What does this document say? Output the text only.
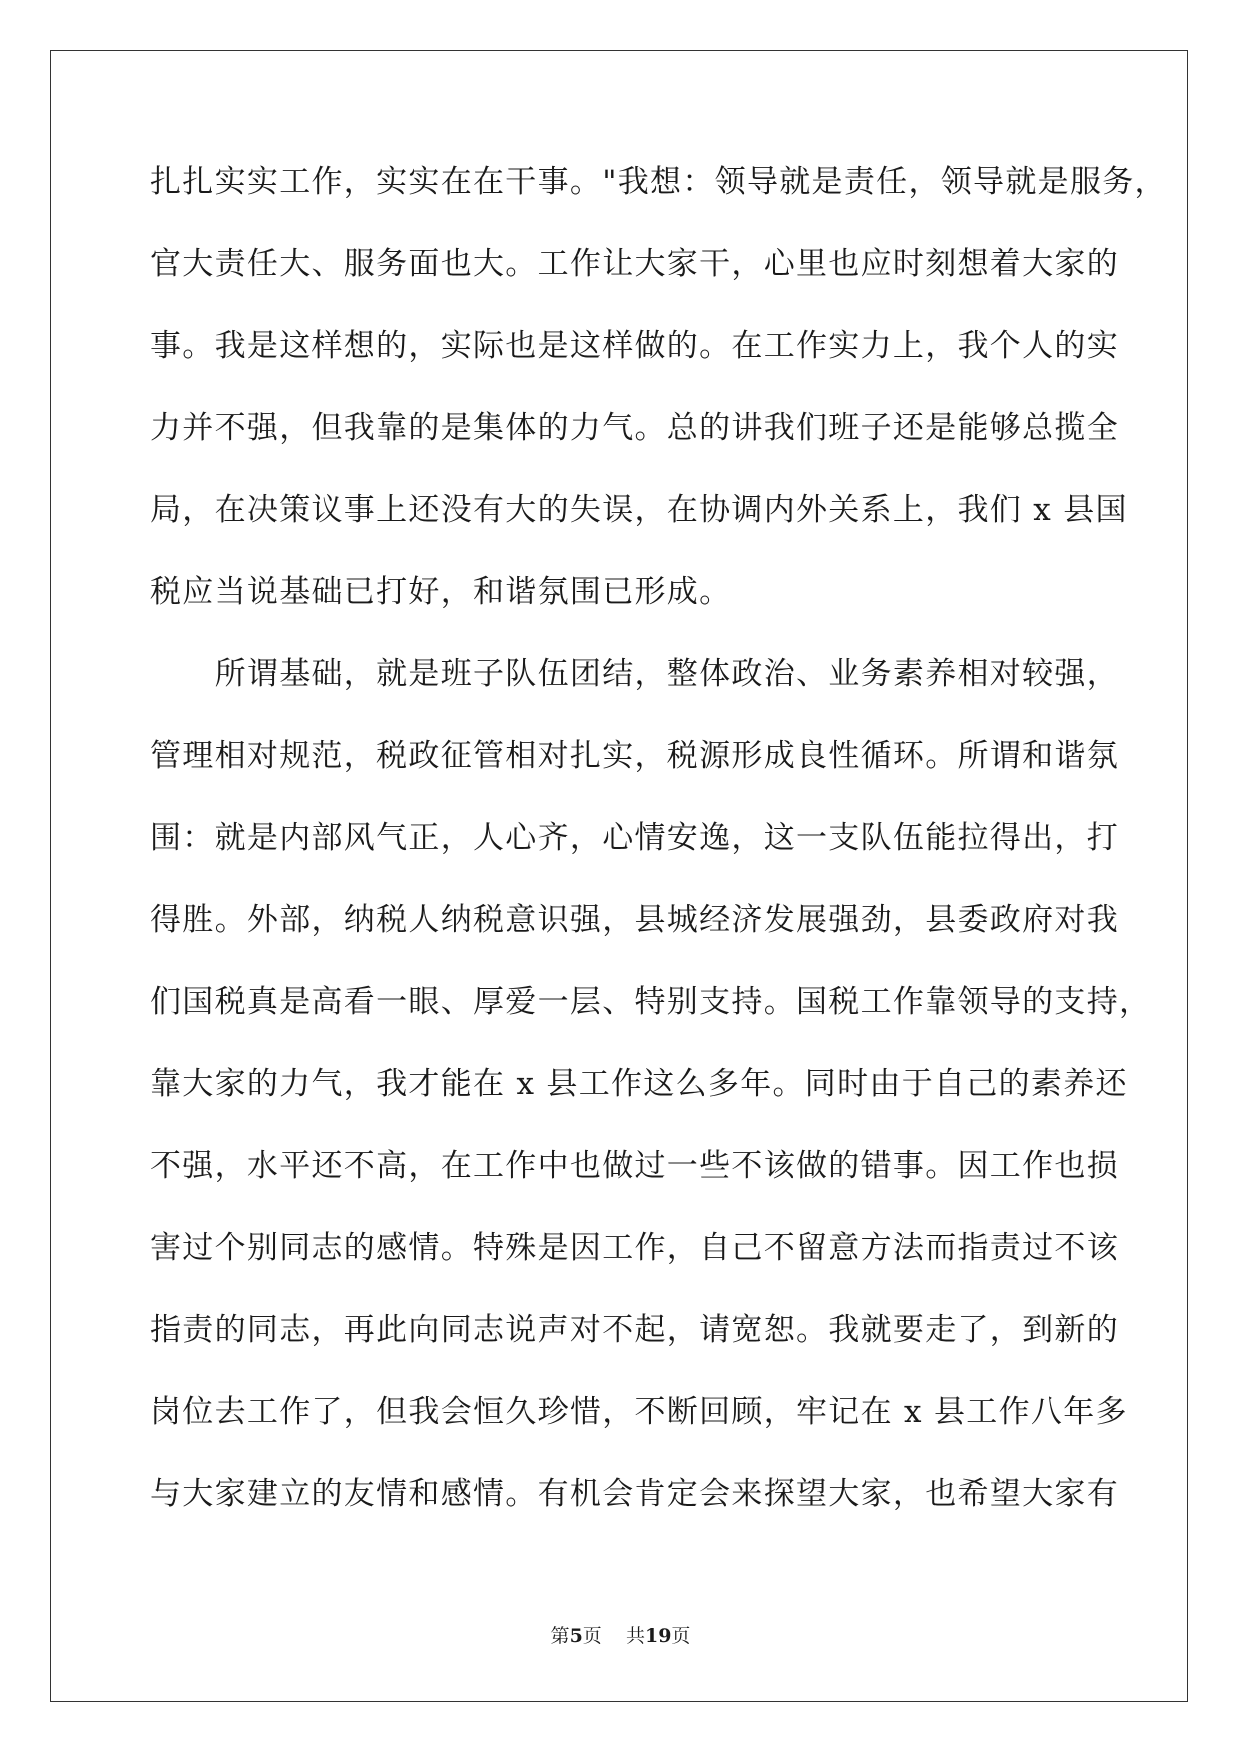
扎扎实实工作，实实在在干事。"我想：领导就是责任，领导就是服务，
官大责任大、服务面也大。工作让大家干，心里也应时刻想着大家的
事。我是这样想的，实际也是这样做的。在工作实力上，我个人的实
力并不强，但我靠的是集体的力气。总的讲我们班子还是能够总揽全
局，在决策议事上还没有大的失误，在协调内外关系上，我们 x 县国
税应当说基础已打好，和谐氛围已形成。
　　所谓基础，就是班子队伍团结，整体政治、业务素养相对较强，
管理相对规范，税政征管相对扎实，税源形成良性循环。所谓和谐氛
围：就是内部风气正，人心齐，心情安逸，这一支队伍能拉得出，打
得胜。外部，纳税人纳税意识强，县城经济发展强劲，县委政府对我
们国税真是高看一眼、厚爱一层、特别支持。国税工作靠领导的支持，
靠大家的力气，我才能在 x 县工作这么多年。同时由于自己的素养还
不强，水平还不高，在工作中也做过一些不该做的错事。因工作也损
害过个别同志的感情。特殊是因工作，自己不留意方法而指责过不该
指责的同志，再此向同志说声对不起，请宽恕。我就要走了，到新的
岗位去工作了，但我会恒久珍惜，不断回顾，牢记在 x 县工作八年多
与大家建立的友情和感情。有机会肯定会来探望大家，也希望大家有
第5页    共19页
